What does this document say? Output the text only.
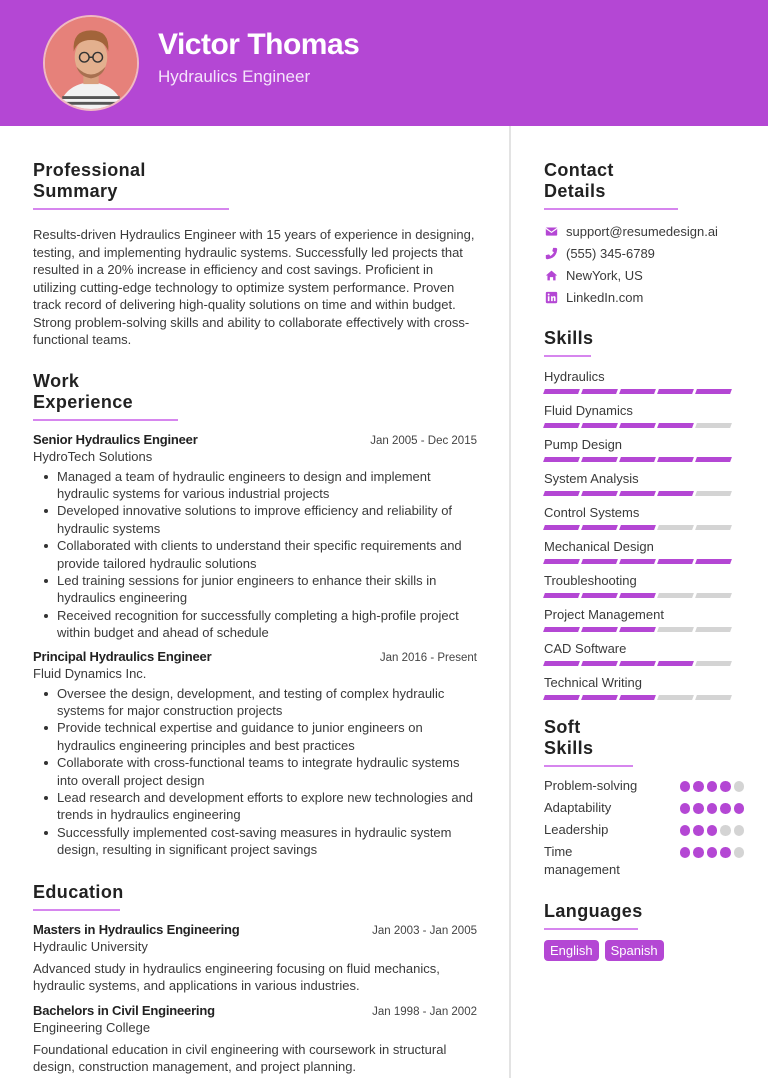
Victor Thomas
Hydraulics Engineer
Professional Summary

Results-driven Hydraulics Engineer with 15 years of experience in designing, testing, and implementing hydraulic systems. Successfully led projects that resulted in a 20% increase in efficiency and cost savings. Proficient in utilizing cutting-edge technology to optimize system performance. Proven track record of delivering high-quality solutions on time and within budget. Strong problem-solving skills and ability to collaborate effectively with cross-functional teams.

Work Experience
Senior Hydraulics Engineer	Jan 2005 - Dec 2015
HydroTech Solutions
Managed a team of hydraulic engineers to design and implement hydraulic systems for various industrial projects
Developed innovative solutions to improve efficiency and reliability of hydraulic systems
Collaborated with clients to understand their specific requirements and provide tailored hydraulic solutions
Led training sessions for junior engineers to enhance their skills in hydraulics engineering
Received recognition for successfully completing a high-profile project within budget and ahead of schedule
Principal Hydraulics Engineer	Jan 2016 - Present
Fluid Dynamics Inc.
Oversee the design, development, and testing of complex hydraulic systems for major construction projects
Provide technical expertise and guidance to junior engineers on hydraulics engineering principles and best practices
Collaborate with cross-functional teams to integrate hydraulic systems into overall project design
Lead research and development efforts to explore new technologies and trends in hydraulics engineering
Successfully implemented cost-saving measures in hydraulic system design, resulting in significant project savings
Education
Masters in Hydraulics Engineering	Jan 2003 - Jan 2005
Hydraulic University

Advanced study in hydraulics engineering focusing on fluid mechanics, hydraulic systems, and applications in various industries.

Bachelors in Civil Engineering	Jan 1998 - Jan 2002
Engineering College

Foundational education in civil engineering with coursework in structural design, construction management, and project planning.

Contact Details
support@resumedesign.ai
(555) 345-6789
NewYork, US
LinkedIn.com
Skills
Hydraulics
Fluid Dynamics
Pump Design
System Analysis
Control Systems
Mechanical Design
Troubleshooting
Project Management
CAD Software
Technical Writing
Soft Skills
Problem-solving
Adaptability
Leadership
Time management
Languages
English	Spanish
